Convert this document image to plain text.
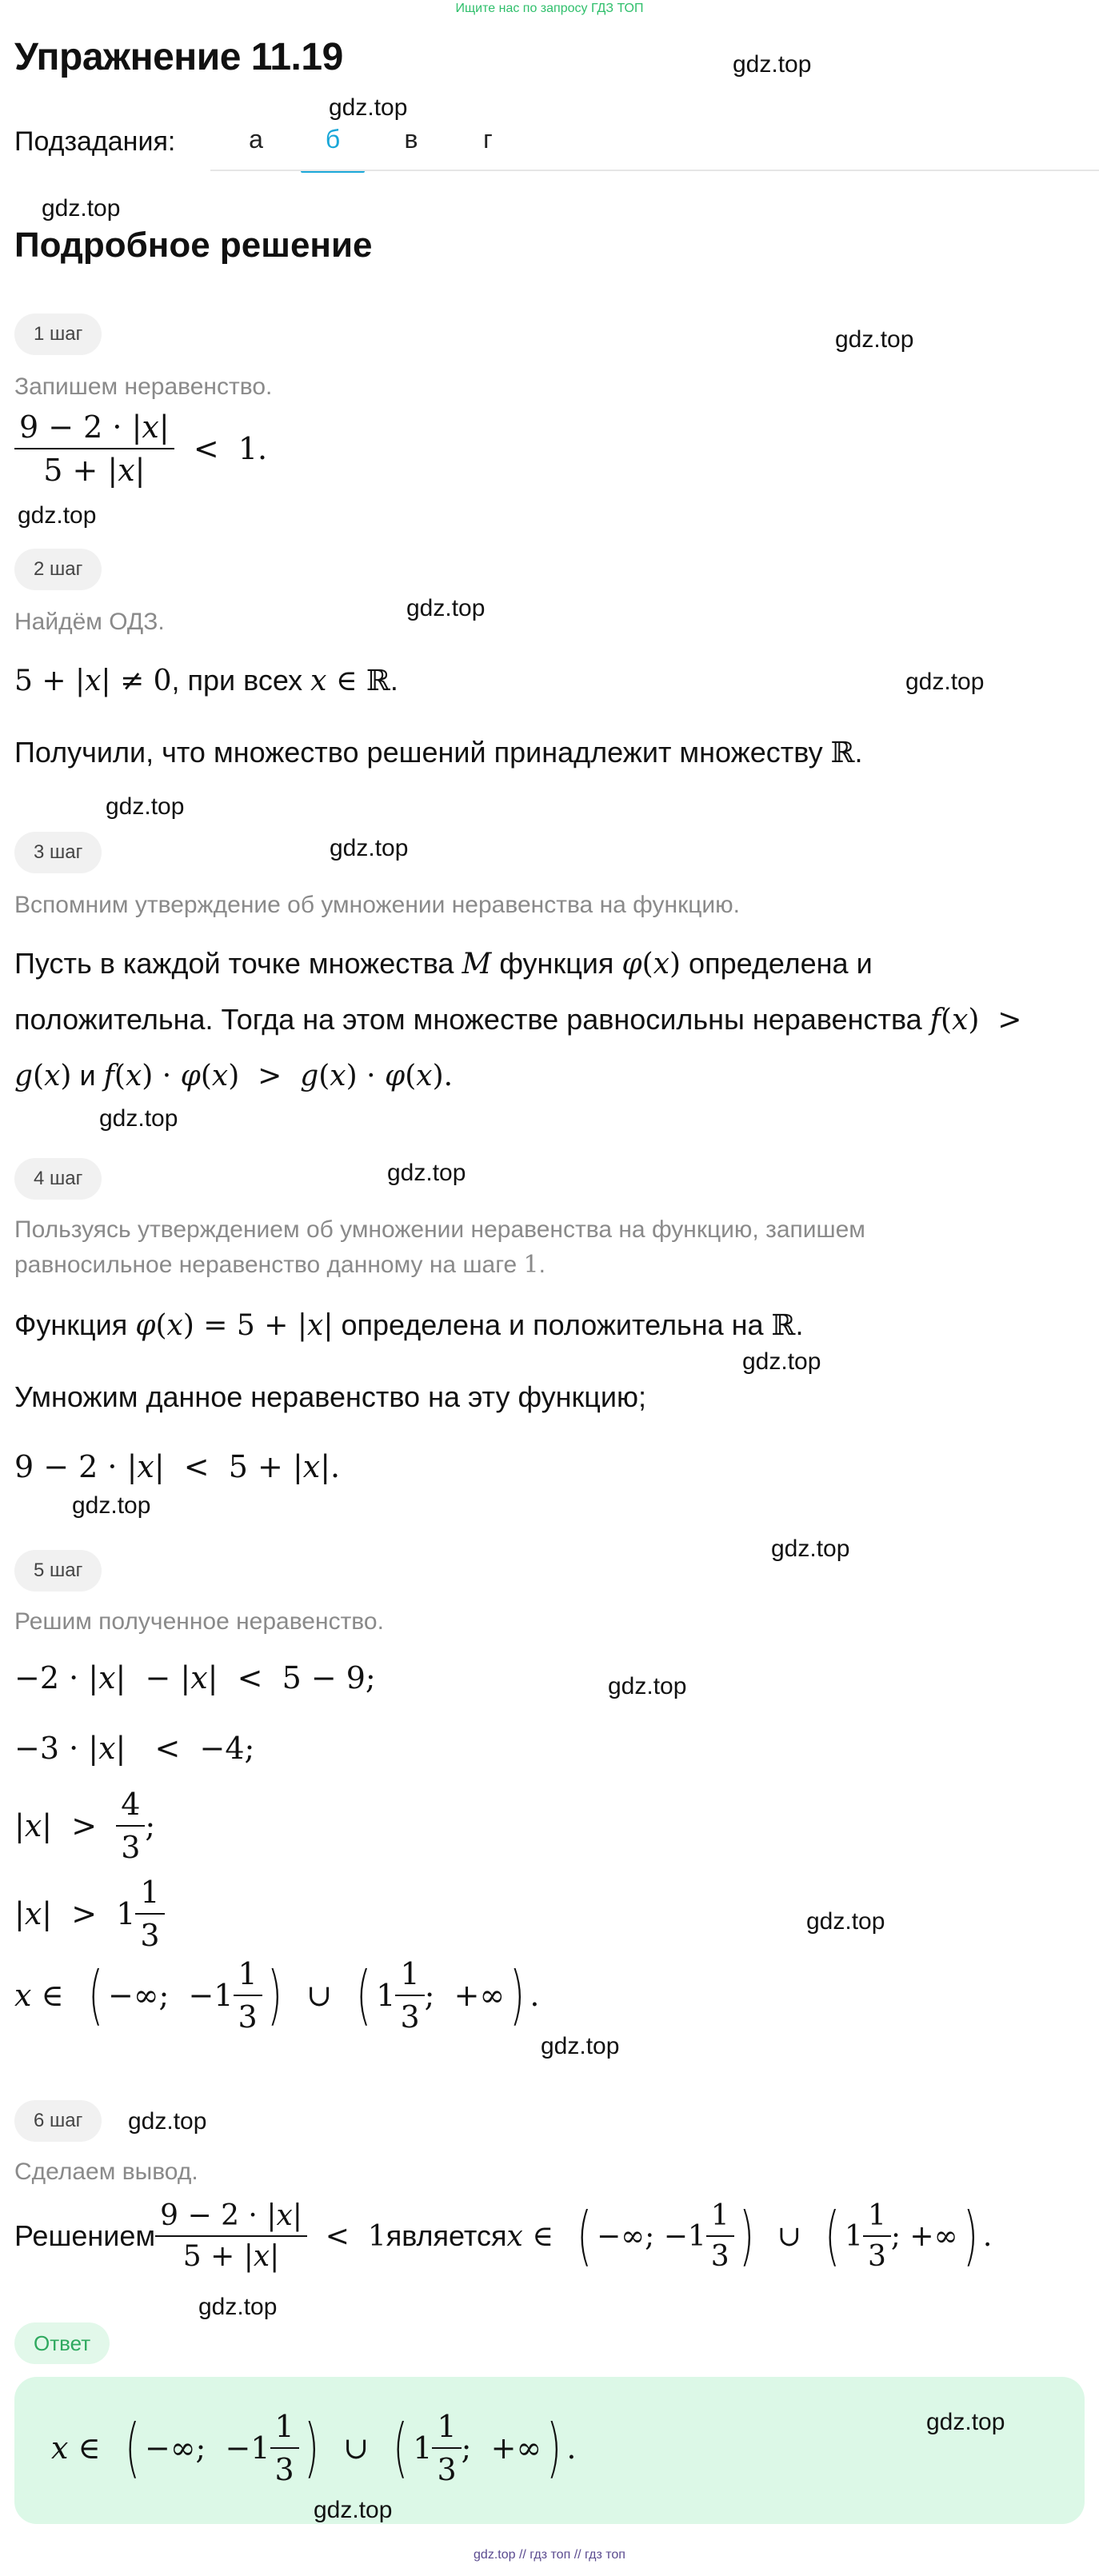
Ищите нас по запросу ГДЗ ТОП
Упражнение 11.19	gdz.top
Подзадания:
gdz.top
а	б	в	г
gdz.top
Подробное решение
1 шаг	gdz.top
Запишем неравенство.
$\frac{9 - 2 \cdot |x|}{5 + |x|} < 1$.
gdz.top
2 шаг
Найдём ОДЗ.
gdz.top
5 + |x| ≠ 0, при всех x ∈ ℝ.	gdz.top
Получили, что множество решений принадлежит множеству ℝ.
gdz.top
3 шаг	gdz.top
Вспомним утверждение об умножении неравенства на функцию.
Пусть в каждой точке множества M функция φ(x) определена и
положительна. Тогда на этом множестве равносильны неравенства f(x)  >
g(x) и f(x) · φ(x)  >  g(x) · φ(x).
gdz.top
4 шаг	gdz.top
Пользуясь утверждением об умножении неравенства на функцию, запишем
равносильное неравенство данному на шаге 1.
Функция φ(x) = 5 + |x| определена и положительна на ℝ.
gdz.top
Умножим данное неравенство на эту функцию;
9 − 2 · |x|  <  5 + |x|.
gdz.top
gdz.top
5 шаг
Решим полученное неравенство.
−2 · |x|  − |x|  <  5 − 9;	gdz.top
−3 · |x|   <  −4;
| x |  > $\frac{4}{3}$ ;
| x |  >  $1 \frac{1}{3}$	gdz.top
x ∈ ( −∞;  $-1 \frac{1}{3}$ ) ∪ ( $1 \frac{1}{3}$ ;  +∞ ) .
gdz.top
6 шаг	gdz.top
Сделаем вывод.
Решением $\frac{9 - 2 \cdot |x|}{5 + |x|} < 1$ является x ∈ ( −∞; $-1 \frac{1}{3}$ ) ∪ ( $1 \frac{1}{3}$ ; +∞ ) .
gdz.top
Ответ
x ∈ ( −∞;  $-1 \frac{1}{3}$ ) ∪ ( $1 \frac{1}{3}$ ;  +∞ ) .
gdz.top
gdz.top
gdz.top // гдз топ // гдз топ
